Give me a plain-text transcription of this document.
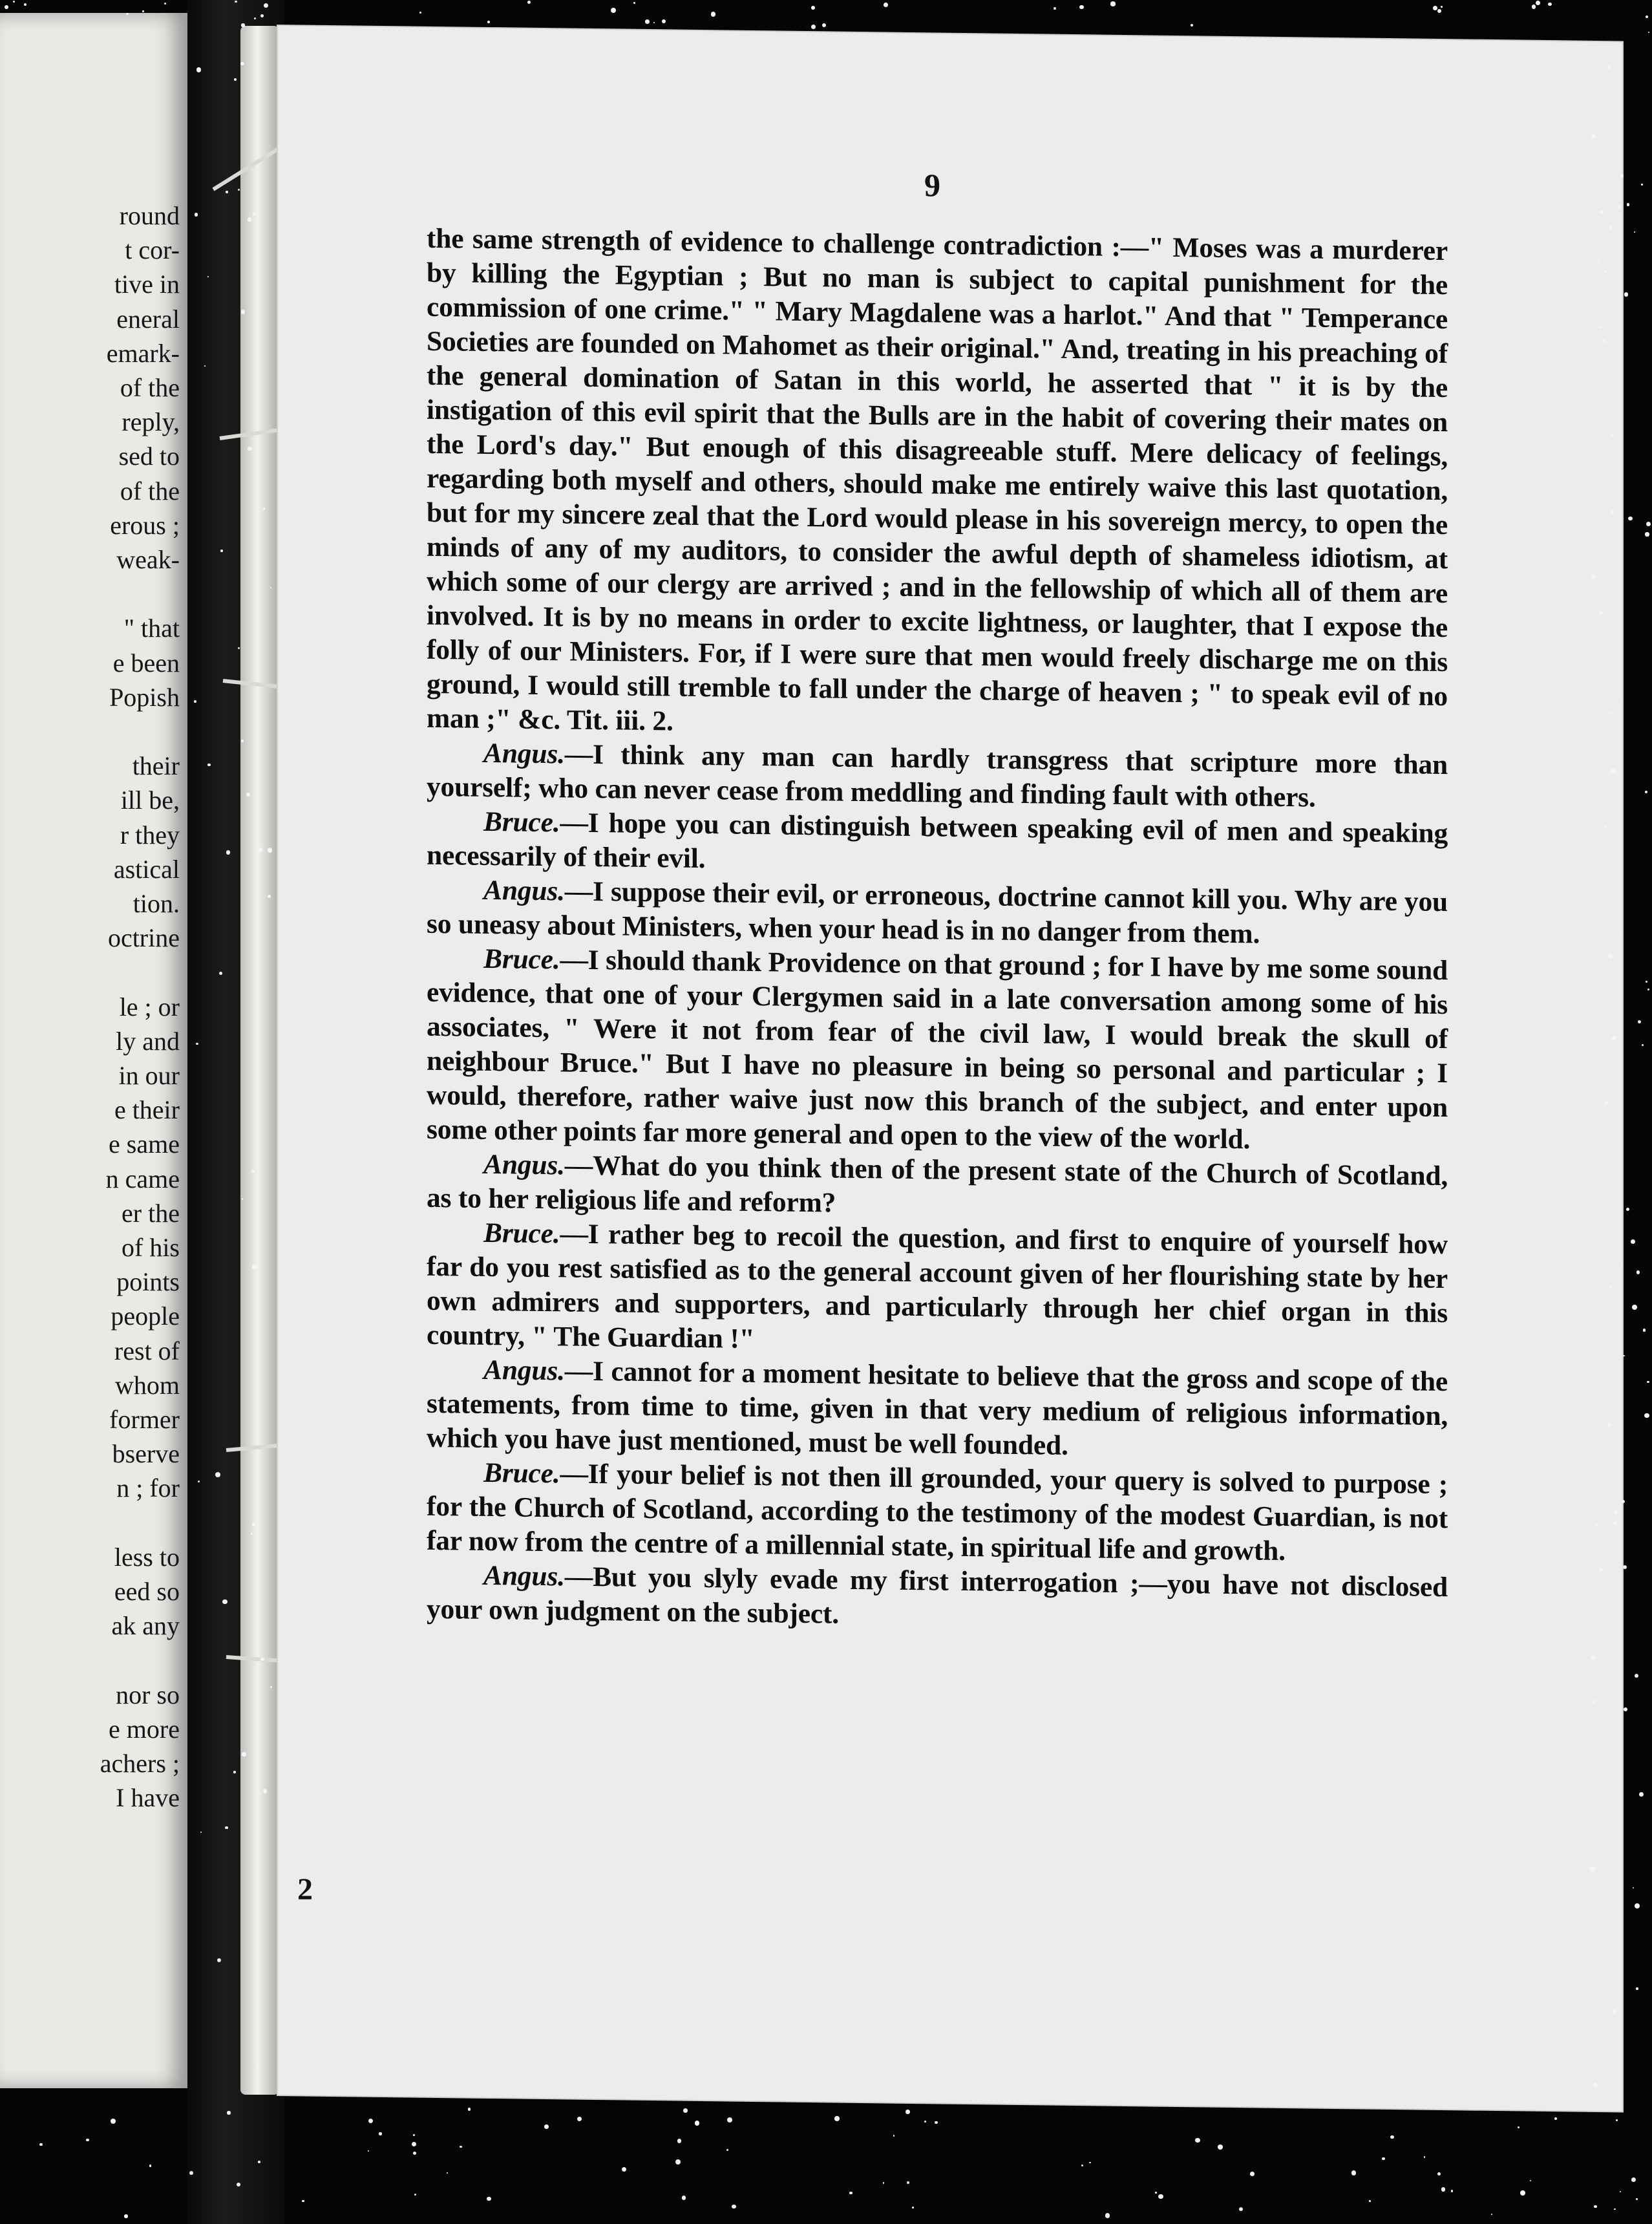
round
t cor-
tive in
eneral
emark-
of the
reply,
sed to
of the
erous ;
weak-
" that
e been
Popish
their
ill be,
r they
astical
tion.
octrine
le ; or
ly and
in our
e their
e same
n came
er the
of his
points
people
rest of
whom
former
bserve
n ; for
less to
eed so
ak any
nor so
e more
achers ;
I have
9

the same strength of evidence to challenge contradiction :—" Moses was a murderer by killing the Egyptian ; But no man is subject to capital punishment for the commission of one crime." " Mary Magdalene was a harlot." And that " Temperance Societies are founded on Mahomet as their original." And, treating in his preaching of the general domination of Satan in this world, he asserted that " it is by the instigation of this evil spirit that the Bulls are in the habit of covering their mates on the Lord's day." But enough of this disagreeable stuff. Mere delicacy of feelings, regarding both myself and others, should make me entirely waive this last quotation, but for my sincere zeal that the Lord would please in his sovereign mercy, to open the minds of any of my auditors, to consider the awful depth of shameless idiotism, at which some of our clergy are arrived ; and in the fellowship of which all of them are involved. It is by no means in order to excite lightness, or laughter, that I expose the folly of our Ministers. For, if I were sure that men would freely discharge me on this ground, I would still tremble to fall under the charge of heaven ; " to speak evil of no man ;" &c. Tit. iii. 2.

Angus.—I think any man can hardly transgress that scripture more than yourself; who can never cease from meddling and finding fault with others.

Bruce.—I hope you can distinguish between speaking evil of men and speaking necessarily of their evil.

Angus.—I suppose their evil, or erroneous, doctrine cannot kill you. Why are you so uneasy about Ministers, when your head is in no danger from them.

Bruce.—I should thank Providence on that ground ; for I have by me some sound evidence, that one of your Clergymen said in a late conversation among some of his associates, " Were it not from fear of the civil law, I would break the skull of neighbour Bruce." But I have no pleasure in being so personal and particular ; I would, therefore, rather waive just now this branch of the subject, and enter upon some other points far more general and open to the view of the world.

Angus.—What do you think then of the present state of the Church of Scotland, as to her religious life and reform?

Bruce.—I rather beg to recoil the question, and first to enquire of yourself how far do you rest satisfied as to the general account given of her flourishing state by her own admirers and supporters, and particularly through her chief organ in this country, " The Guardian !"

Angus.—I cannot for a moment hesitate to believe that the gross and scope of the statements, from time to time, given in that very medium of religious information, which you have just mentioned, must be well founded.

Bruce.—If your belief is not then ill grounded, your query is solved to purpose ; for the Church of Scotland, according to the testimony of the modest Guardian, is not far now from the centre of a millennial state, in spiritual life and growth.

Angus.—But you slyly evade my first interrogation ;—you have not disclosed your own judgment on the subject.

2
